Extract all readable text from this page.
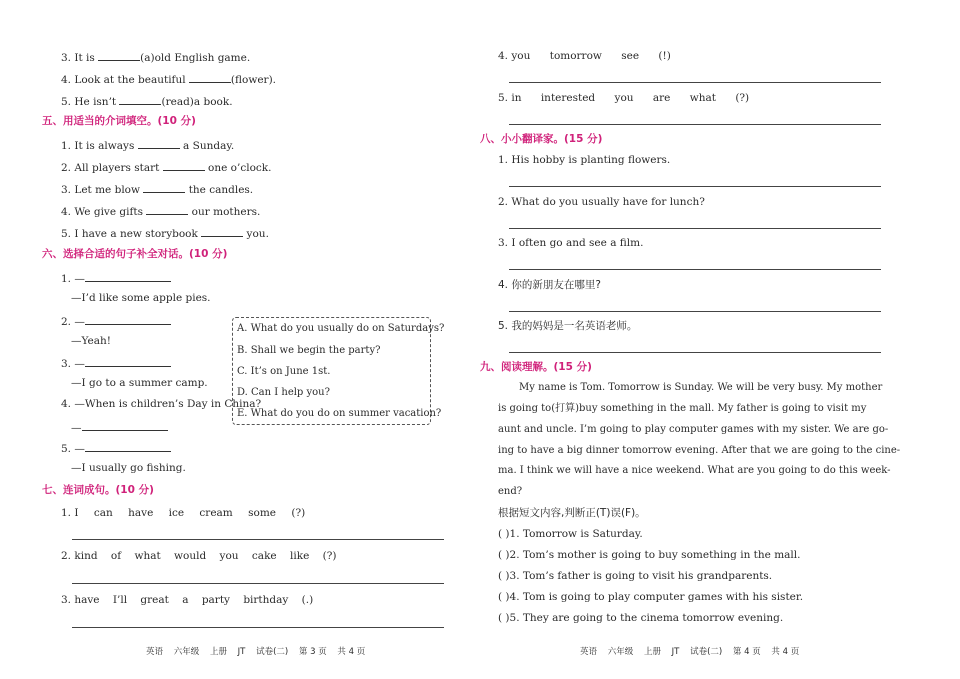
3. It is	(a)old English game.
4. Look at the beautiful	(flower).
5. He isn’t	(read)a book.
五、用适当的介词填空。(10 分)
1. It is always	a Sunday.
2. All players start	one o’clock.
3. Let me blow	the candles.
4. We give gifts	our mothers.
5. I have a new storybook	you.
六、选择合适的句子补全对话。(10 分)
1. —
—I’d like some apple pies.
2. —
—Yeah!
3. —
—I go to a summer camp.
4. —When is children’s Day in China?
—
5. —
—I usually go fishing.
A. What do you usually do on Saturdays?
B. Shall we begin the party?
C. It’s on June 1st.
D. Can I help you?
E. What do you do on summer vacation?
七、连词成句。(10 分)
1. I can have ice cream some (?)
2. kind of what would you cake like (?)
3. have I’ll great a party birthday (.)
英语 六年级 上册 JT 试卷(二) 第 3 页 共 4 页
4. you tomorrow see (!)
5. in interested you are what (?)
八、小小翻译家。(15 分)
1. His hobby is planting flowers.
2. What do you usually have for lunch?
3. I often go and see a film.
4. 你的新朋友在哪里?
5. 我的妈妈是一名英语老师。
九、阅读理解。(15 分)
My name is Tom. Tomorrow is Sunday. We will be very busy. My mother
is going to(打算)buy something in the mall. My father is going to visit my
aunt and uncle. I’m going to play computer games with my sister. We are go-
ing to have a big dinner tomorrow evening. After that we are going to the cine-
ma. I think we will have a nice weekend. What are you going to do this week-
end?
根据短文内容,判断正(T)误(F)。
( )1. Tomorrow is Saturday.
( )2. Tom’s mother is going to buy something in the mall.
( )3. Tom’s father is going to visit his grandparents.
( )4. Tom is going to play computer games with his sister.
( )5. They are going to the cinema tomorrow evening.
英语 六年级 上册 JT 试卷(二) 第 4 页 共 4 页
